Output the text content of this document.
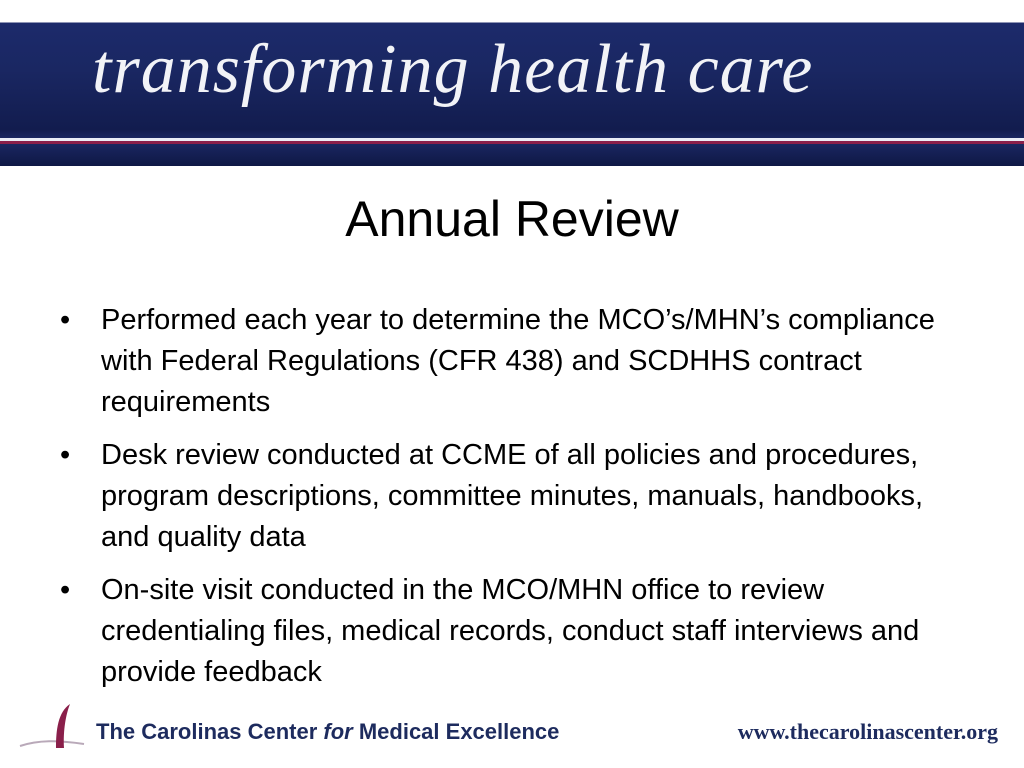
transforming health care
Annual Review
• Performed each year to determine the MCO’s/MHN’s compliance with Federal Regulations (CFR 438) and SCDHHS contract requirements
• Desk review conducted at CCME of all policies and procedures, program descriptions, committee minutes, manuals, handbooks, and quality data
• On-site visit conducted in the MCO/MHN office to review credentialing files, medical records, conduct staff interviews and provide feedback
The Carolinas Center for Medical Excellence	www.thecarolinascenter.org
